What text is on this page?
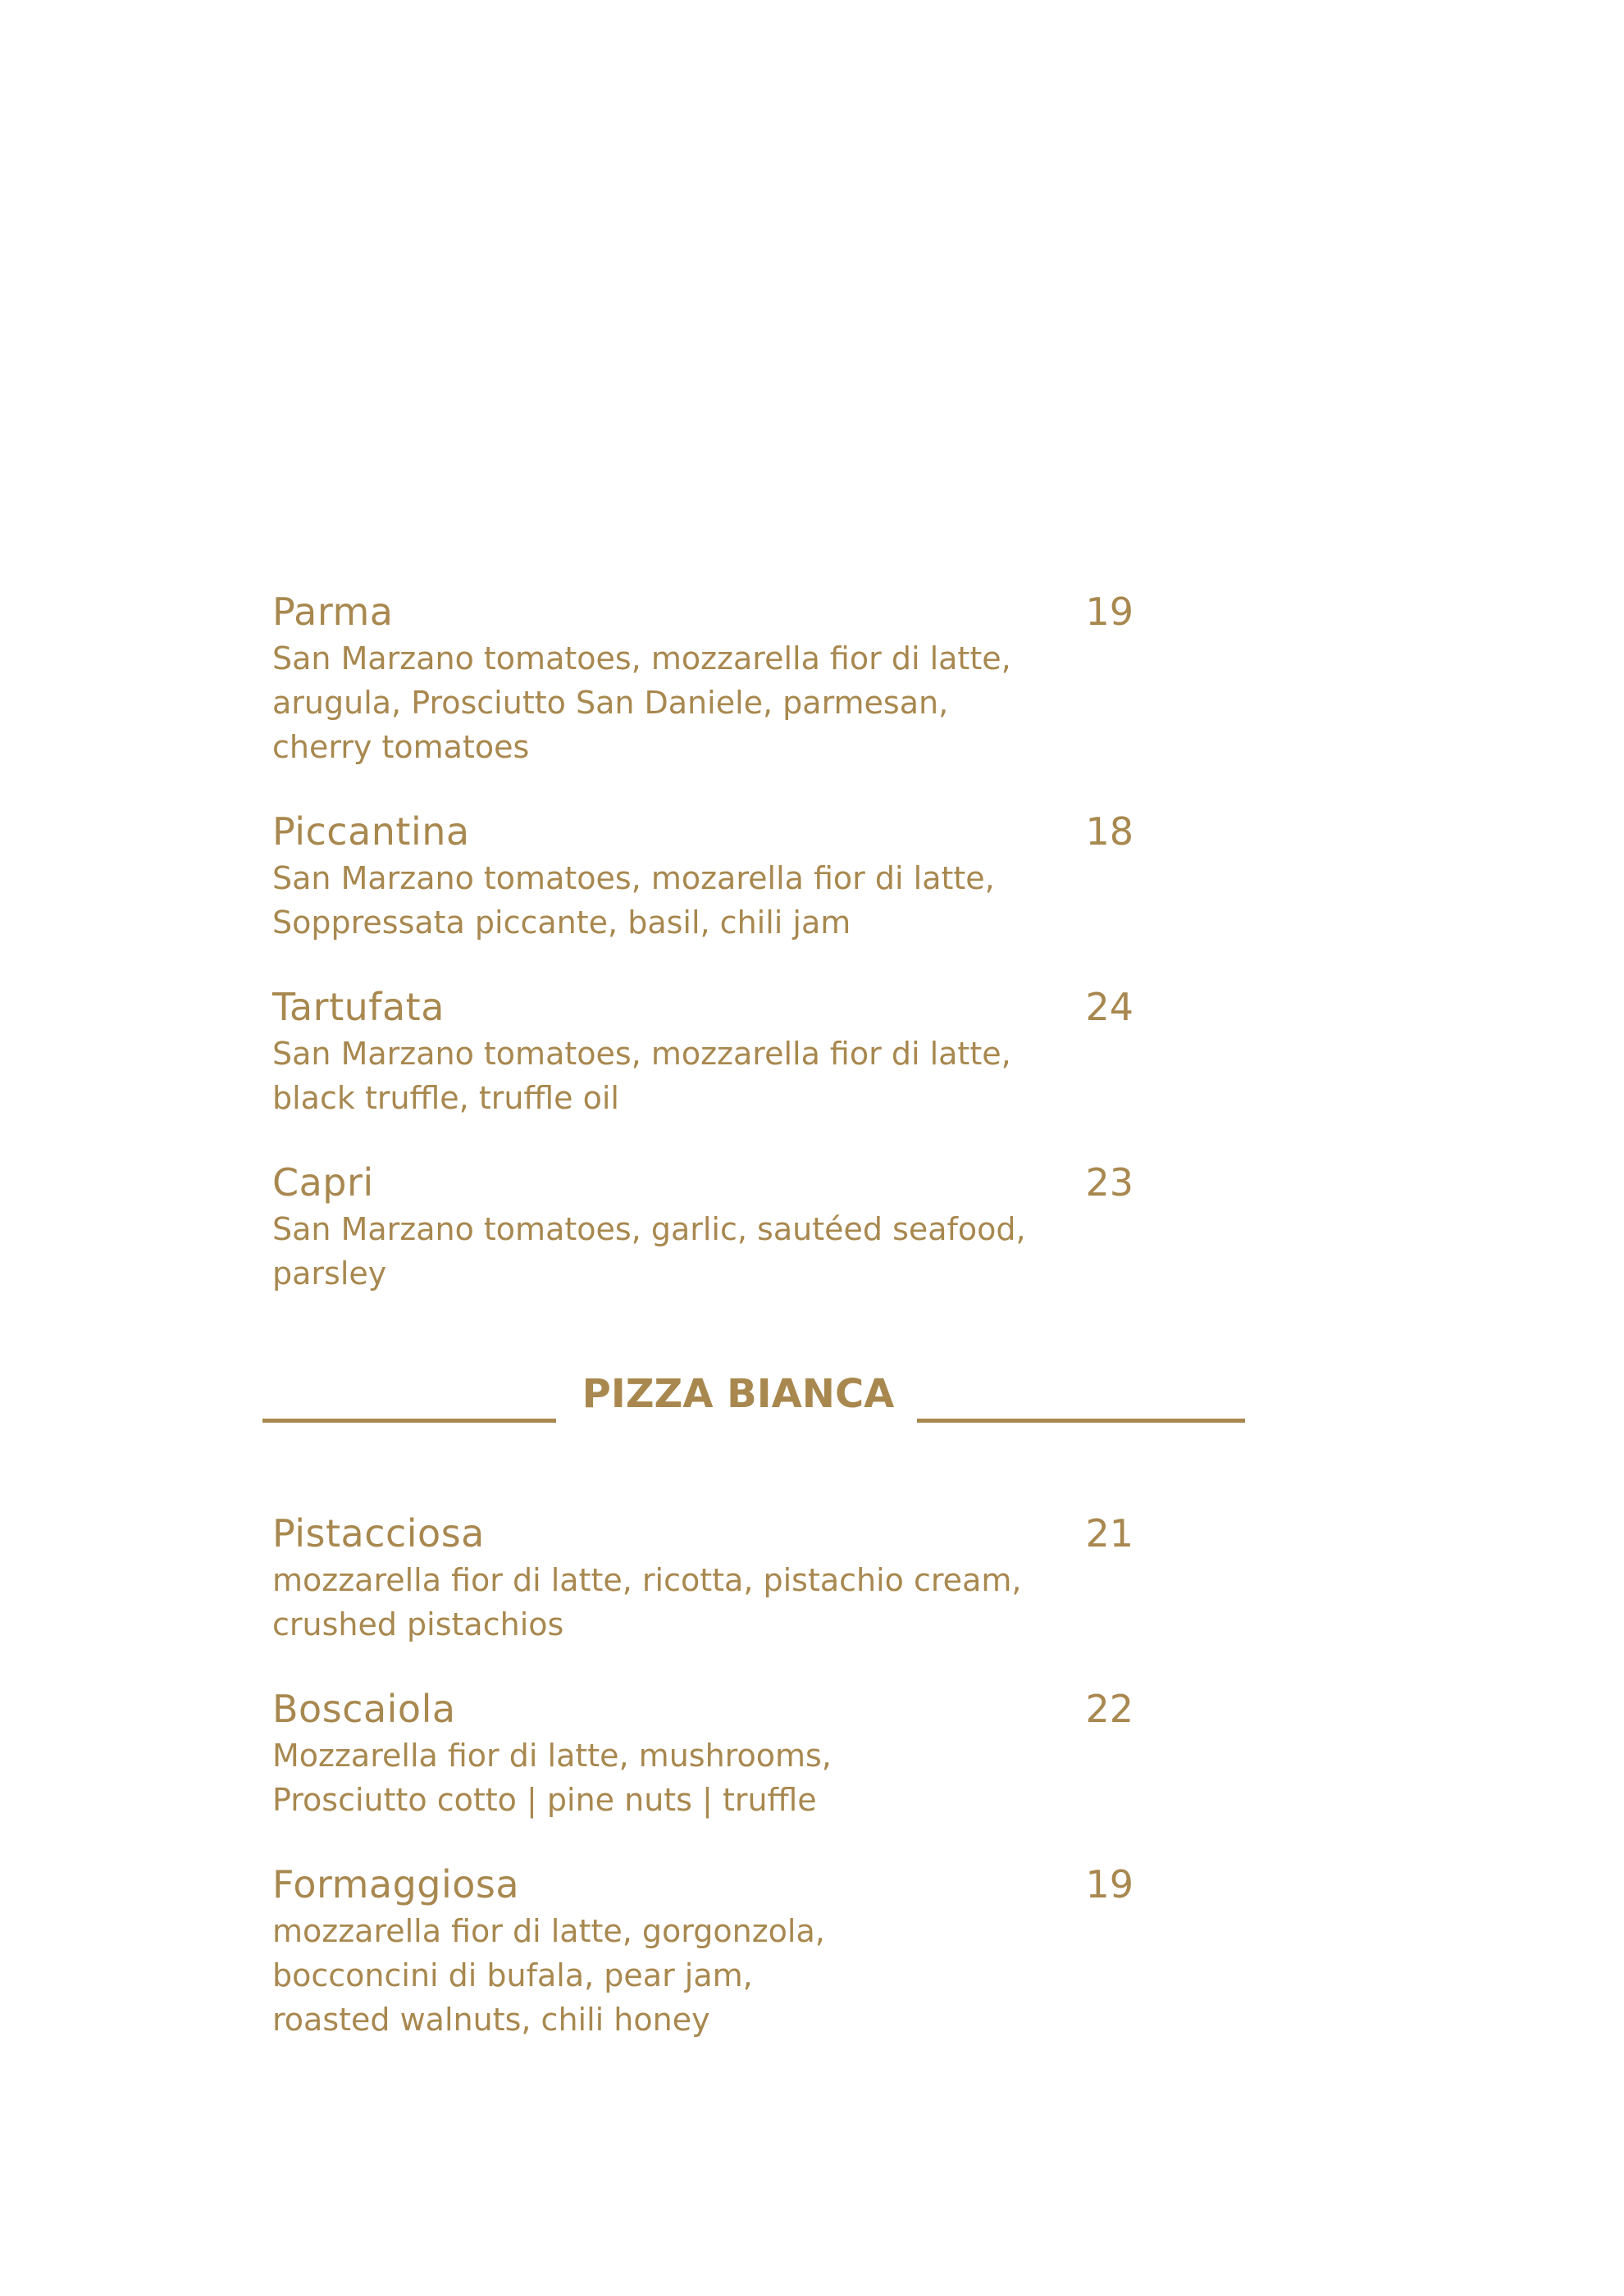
Parma	19
San Marzano tomatoes, mozzarella fior di latte,
arugula, Prosciutto San Daniele, parmesan,
cherry tomatoes
Piccantina	18
San Marzano tomatoes, mozarella fior di latte,
Soppressata piccante, basil, chili jam
Tartufata	24
San Marzano tomatoes, mozzarella fior di latte,
black truffle, truffle oil
Capri	23
San Marzano tomatoes, garlic, sautéed seafood,
parsley
PIZZA BIANCA
Pistacciosa	21
mozzarella fior di latte, ricotta, pistachio cream,
crushed pistachios
Boscaiola	22
Mozzarella fior di latte, mushrooms,
Prosciutto cotto | pine nuts | truffle
Formaggiosa	19
mozzarella fior di latte, gorgonzola,
bocconcini di bufala, pear jam,
roasted walnuts, chili honey
